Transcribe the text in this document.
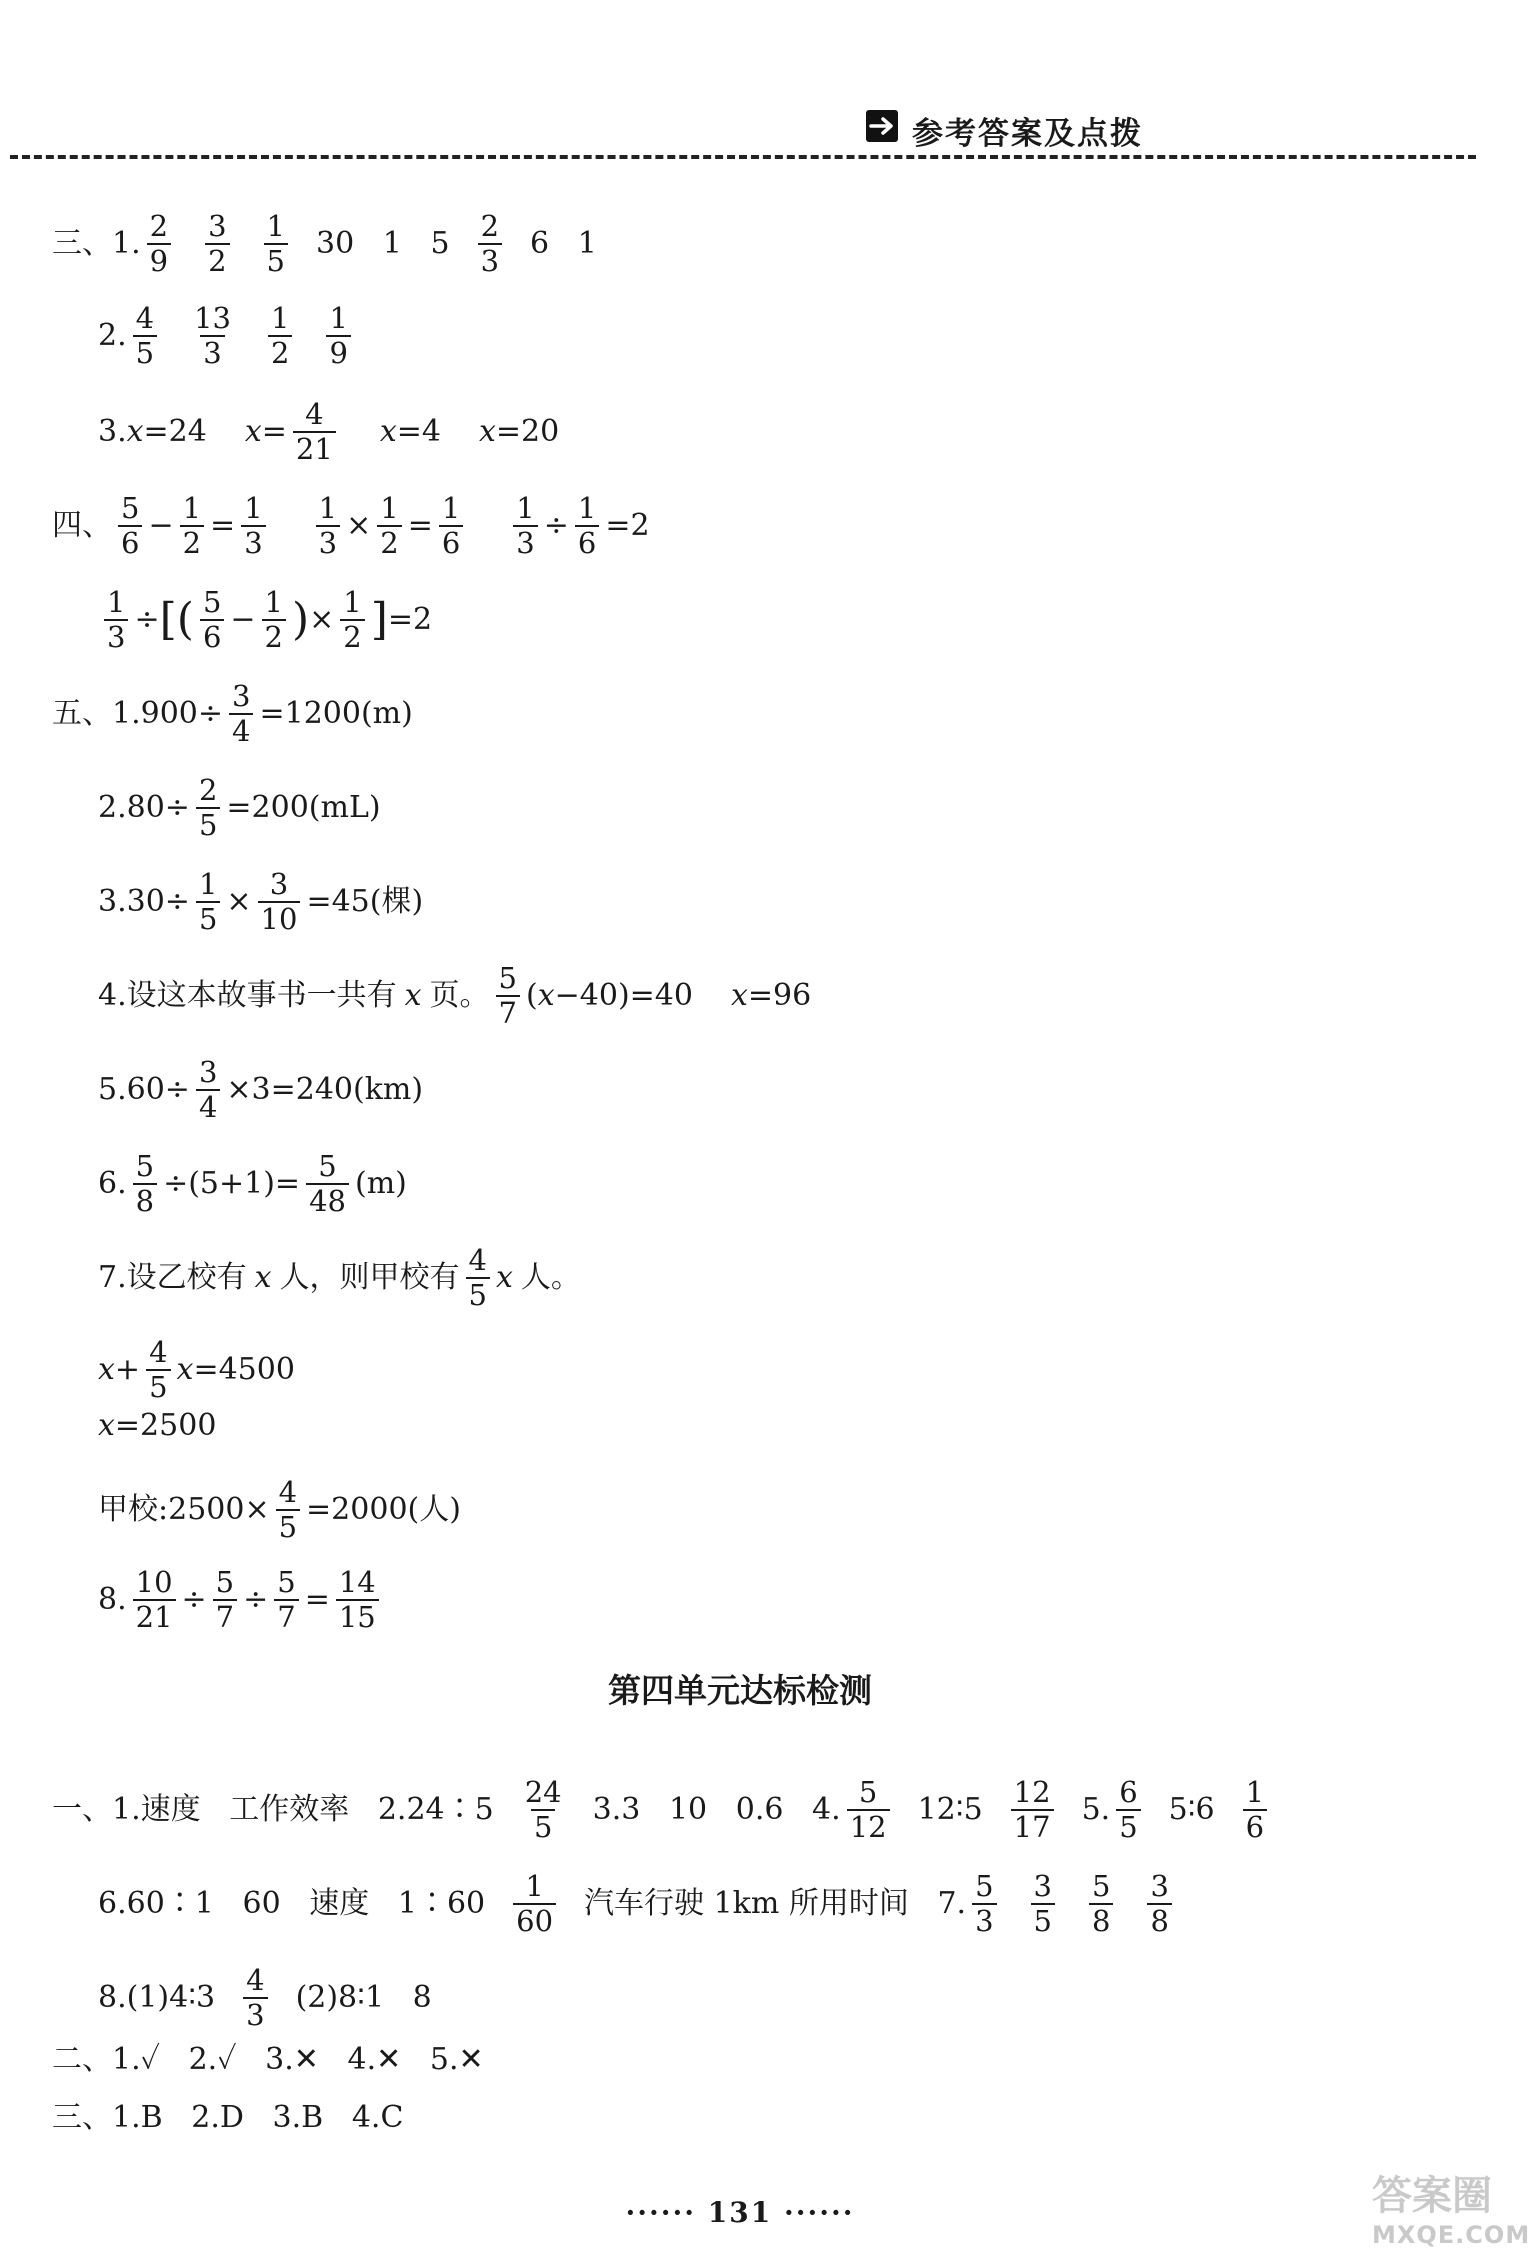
参考答案及点拨
三、1. $\frac{2}{9} \frac{3}{2} \frac{1}{5} 30$   1   $5 \frac{2}{3} 6$   1
2. $\frac{4}{5} \frac{13}{3} \frac{1}{2} \frac{1}{9}$
3. x =24 $x = \frac{4}{21}$ x =4 x =20
四、 $\frac{5}{6} - \frac{1}{2} = \frac{1}{3} \frac{1}{3} \times \frac{1}{2} = \frac{1}{6} \frac{1}{3} \div \frac{1}{6} =2$
$\frac{1}{3}$ ÷ [ ( $\frac{5}{6} - \frac{1}{2}$ ) × $\frac{1}{2}$ ] =2
五、$1.900\div \frac{3}{4} =1200(m)$
$2.80\div \frac{2}{5} =200(mL)$
$3.30\div \frac{1}{5} \times \frac{3}{10} =45$(棵)
4.设这本故事书一共有 x 页。 $\frac{5}{7}$ ( x −40)=40 x =96
$5.60\div \frac{3}{4} \times 3=240(km)$
6. $\frac{5}{8} \div(5+1)= \frac{5}{48} (m)$
7.设乙校有 x 人，则甲校有 $\frac{4}{5}$ x 人。
$x + \frac{4}{5}$ x =4500
x =2500
甲校:2500× $\frac{4}{5} =2000$(人)
8. $\frac{10}{21} \div \frac{5}{7} \div \frac{5}{7} = \frac{14}{15}$
第四单元达标检测
一、1.速度   工作效率   2.24∶5 $\frac{24}{5} 3.3$   10   0.6   4. $\frac{5}{12}$ 12∶5 $\frac{12}{17} 5$. $\frac{6}{5}$ 5∶6 $\frac{1}{6}$
6.60∶1   60   速度   1∶60 $\frac{1}{60}$ 汽车行驶 1km 所用时间   7. $\frac{5}{3} \frac{3}{5} \frac{5}{8} \frac{3}{8}$
8.(1)4∶3 $\frac{4}{3}$ (2)8∶1   8
二、1.✓   2.✓   3.✕   4.✕   5.✕
三、1.B   2.D   3.B   4.C
······ 131 ······	答案圈
MXQE.COM
